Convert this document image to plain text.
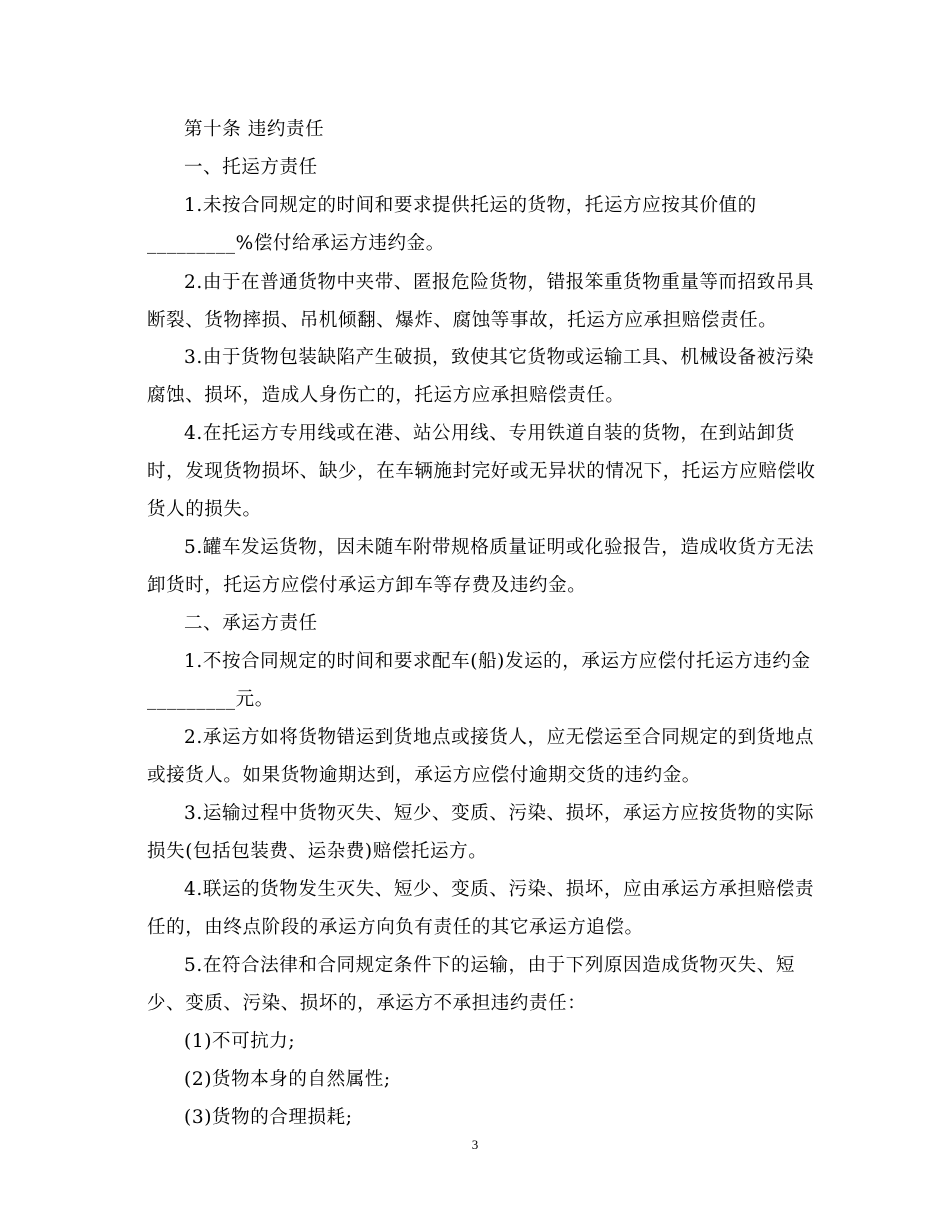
第十条 违约责任
一、托运方责任
1.未按合同规定的时间和要求提供托运的货物，托运方应按其价值的
_________%偿付给承运方违约金。
2.由于在普通货物中夹带、匿报危险货物，错报笨重货物重量等而招致吊具
断裂、货物摔损、吊机倾翻、爆炸、腐蚀等事故，托运方应承担赔偿责任。
3.由于货物包装缺陷产生破损，致使其它货物或运输工具、机械设备被污染
腐蚀、损坏，造成人身伤亡的，托运方应承担赔偿责任。
4.在托运方专用线或在港、站公用线、专用铁道自装的货物，在到站卸货
时，发现货物损坏、缺少，在车辆施封完好或无异状的情况下，托运方应赔偿收
货人的损失。
5.罐车发运货物，因未随车附带规格质量证明或化验报告，造成收货方无法
卸货时，托运方应偿付承运方卸车等存费及违约金。
二、承运方责任
1.不按合同规定的时间和要求配车(船)发运的，承运方应偿付托运方违约金
_________元。
2.承运方如将货物错运到货地点或接货人，应无偿运至合同规定的到货地点
或接货人。如果货物逾期达到，承运方应偿付逾期交货的违约金。
3.运输过程中货物灭失、短少、变质、污染、损坏，承运方应按货物的实际
损失(包括包装费、运杂费)赔偿托运方。
4.联运的货物发生灭失、短少、变质、污染、损坏，应由承运方承担赔偿责
任的，由终点阶段的承运方向负有责任的其它承运方追偿。
5.在符合法律和合同规定条件下的运输，由于下列原因造成货物灭失、短
少、变质、污染、损坏的，承运方不承担违约责任：
(1)不可抗力;
(2)货物本身的自然属性;
(3)货物的合理损耗;
3
